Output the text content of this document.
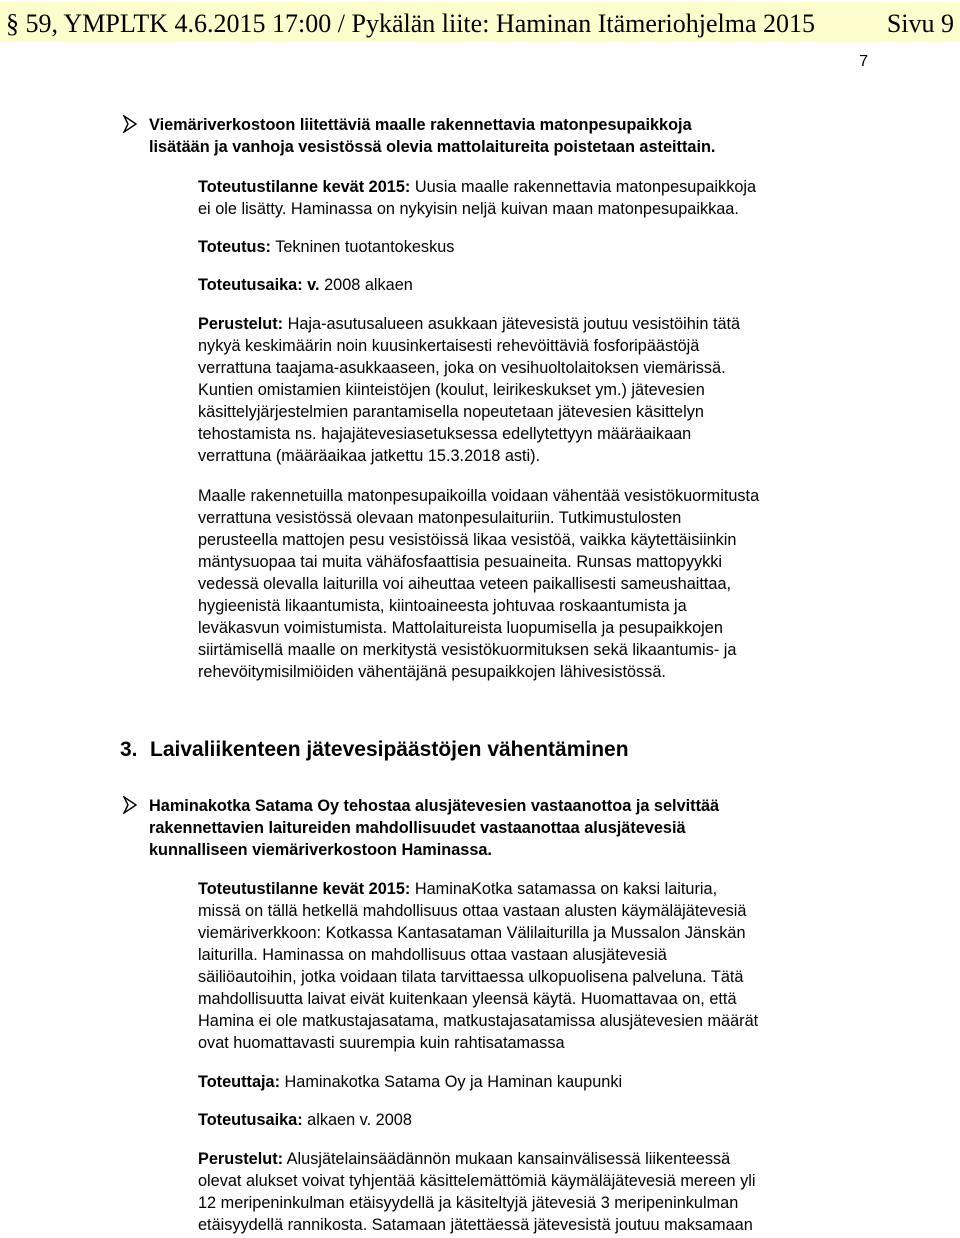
§ 59, YMPLTK 4.6.2015 17:00 / Pykälän liite: Haminan Itämeriohjelma 2015	Sivu 9
7
Viemäriverkostoon liitettäviä maalle rakennettavia matonpesupaikkoja
lisätään ja vanhoja vesistössä olevia mattolaitureita poistetaan asteittain.
Toteutustilanne kevät 2015: Uusia maalle rakennettavia matonpesupaikkoja
ei ole lisätty. Haminassa on nykyisin neljä kuivan maan matonpesupaikkaa.
Toteutus: Tekninen tuotantokeskus
Toteutusaika: v. 2008 alkaen
Perustelut: Haja-asutusalueen asukkaan jätevesistä joutuu vesistöihin tätä
nykyä keskimäärin noin kuusinkertaisesti rehevöittäviä fosforipäästöjä
verrattuna taajama-asukkaaseen, joka on vesihuoltolaitoksen viemärissä.
Kuntien omistamien kiinteistöjen (koulut, leirikeskukset ym.) jätevesien
käsittelyjärjestelmien parantamisella nopeutetaan jätevesien käsittelyn
tehostamista ns. hajajätevesiasetuksessa edellytettyyn määräaikaan
verrattuna (määräaikaa jatkettu 15.3.2018 asti).
Maalle rakennetuilla matonpesupaikoilla voidaan vähentää vesistökuormitusta
verrattuna vesistössä olevaan matonpesulaituriin. Tutkimustulosten
perusteella mattojen pesu vesistöissä likaa vesistöä, vaikka käytettäisiinkin
mäntysuopaa tai muita vähäfosfaattisia pesuaineita. Runsas mattopyykki
vedessä olevalla laiturilla voi aiheuttaa veteen paikallisesti sameushaittaa,
hygieenistä likaantumista, kiintoaineesta johtuvaa roskaantumista ja
leväkasvun voimistumista. Mattolaitureista luopumisella ja pesupaikkojen
siirtämisellä maalle on merkitystä vesistökuormituksen sekä likaantumis- ja
rehevöitymisilmiöiden vähentäjänä pesupaikkojen lähivesistössä.
3. Laivaliikenteen jätevesipäästöjen vähentäminen
Haminakotka Satama Oy tehostaa alusjätevesien vastaanottoa ja selvittää
rakennettavien laitureiden mahdollisuudet vastaanottaa alusjätevesiä
kunnalliseen viemäriverkostoon Haminassa.
Toteutustilanne kevät 2015: HaminaKotka satamassa on kaksi laituria,
missä on tällä hetkellä mahdollisuus ottaa vastaan alusten käymäläjätevesiä
viemäriverkkoon: Kotkassa Kantasataman Välilaiturilla ja Mussalon Jänskän
laiturilla. Haminassa on mahdollisuus ottaa vastaan alusjätevesiä
säiliöautoihin, jotka voidaan tilata tarvittaessa ulkopuolisena palveluna. Tätä
mahdollisuutta laivat eivät kuitenkaan yleensä käytä. Huomattavaa on, että
Hamina ei ole matkustajasatama, matkustajasatamissa alusjätevesien määrät
ovat huomattavasti suurempia kuin rahtisatamassa
Toteuttaja: Haminakotka Satama Oy ja Haminan kaupunki
Toteutusaika: alkaen v. 2008
Perustelut: Alusjätelainsäädännön mukaan kansainvälisessä liikenteessä
olevat alukset voivat tyhjentää käsittelemättömiä käymäläjätevesiä mereen yli
12 meripeninkulman etäisyydellä ja käsiteltyjä jätevesiä 3 meripeninkulman
etäisyydellä rannikosta. Satamaan jätettäessä jätevesistä joutuu maksamaan
